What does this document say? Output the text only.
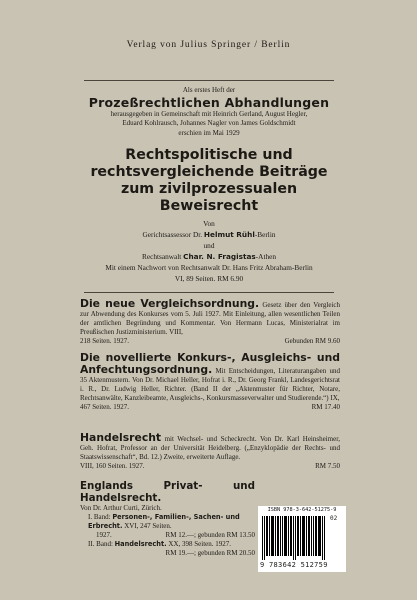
Verlag von Julius Springer / Berlin
Als erstes Heft der
Prozeßrechtlichen Abhandlungen
herausgegeben in Gemeinschaft mit Heinrich Gerland, August Hegler,
Eduard Kohlrausch, Johannes Nagler von James Goldschmidt
erschien im Mai 1929
Rechtspolitische und
rechtsvergleichende Beiträge
zum zivilprozessualen
Beweisrecht
Von
Gerichtsassessor Dr. Helmut Rühl-Berlin
und
Rechtsanwalt Char. N. Fragistas-Athen
Mit einem Nachwort von Rechtsanwalt Dr. Hans Fritz Abraham-Berlin
VI, 89 Seiten. RM 6.90

Die neue Vergleichsordnung. Gesetz über den Vergleich zur Abwendung des Konkurses vom 5. Juli 1927. Mit Einleitung, allen wesentlichen Teilen der amtlichen Begründung und Kommentar. Von Hermann Lucas, Ministerialrat im Preußischen Justizministerium. VIII,

218 Seiten. 1927.	Gebunden RM 9.60

Die novellierte Konkurs-, Ausgleichs- und Anfechtungsordnung. Mit Entscheidungen, Literaturangaben und 35 Aktenmustern. Von Dr. Michael Heller, Hofrat i. R., Dr. Georg Frankl, Landesgerichtsrat i. R., Dr. Ludwig Heller, Richter. (Band II der „Aktenmuster für Richter, Notare, Rechtsanwälte, Kanzleibeamte, Ausgleichs-, Konkursmasseverwalter und Studierende.“) IX,

467 Seiten. 1927.	RM 17.40

Handelsrecht mit Wechsel- und Scheckrecht. Von Dr. Karl Heinsheimer, Geh. Hofrat, Professor an der Universität Heidelberg. („Enzyklopädie der Rechts- und Staatswissenschaft“, Bd. 12.) Zweite, erweiterte Auflage.

VIII, 160 Seiten. 1927.	RM 7.50

Englands Privat- und Handelsrecht.

Von Dr. Arthur Curti, Zürich.
I. Band: Personen-, Familien-, Sachen- und Erbrecht. XVI, 247 Seiten.
1927.	RM 12.—; gebunden RM 13.50
II. Band: Handelsrecht. XX, 398 Seiten. 1927.
RM 19.—; gebunden RM 20.50
ISBN 978-3-642-51275-9
02
9 783642 512759
